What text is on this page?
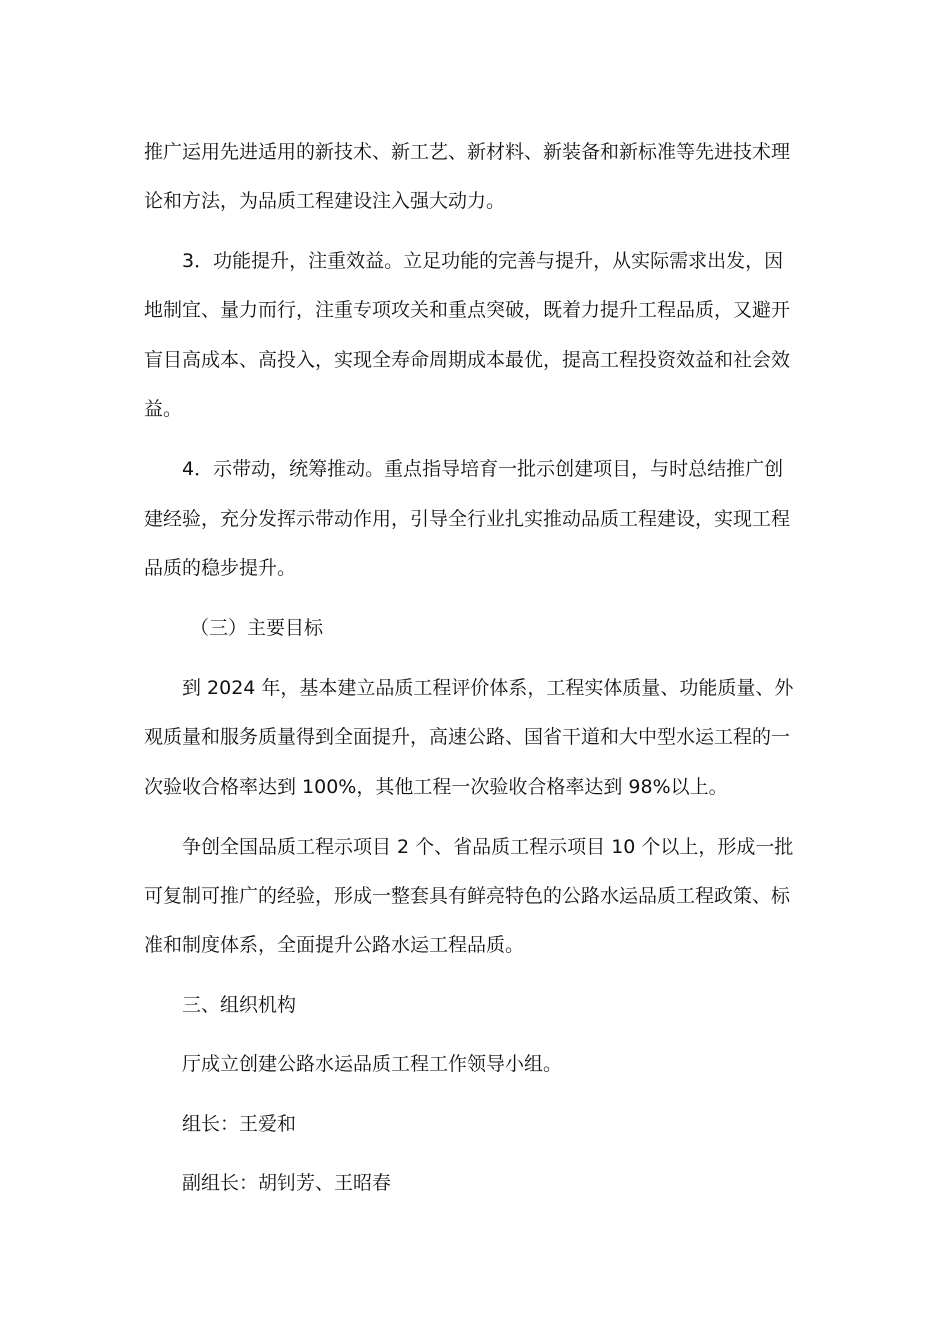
推广运用先进适用的新技术、新工艺、新材料、新装备和新标准等先进技术理
论和方法，为品质工程建设注入强大动力。
3．功能提升，注重效益。立足功能的完善与提升，从实际需求出发，因
地制宜、量力而行，注重专项攻关和重点突破，既着力提升工程品质，又避开
盲目高成本、高投入，实现全寿命周期成本最优，提高工程投资效益和社会效
益。
4．示带动，统筹推动。重点指导培育一批示创建项目，与时总结推广创
建经验，充分发挥示带动作用，引导全行业扎实推动品质工程建设，实现工程
品质的稳步提升。
（三）主要目标
到 2024 年，基本建立品质工程评价体系，工程实体质量、功能质量、外
观质量和服务质量得到全面提升，高速公路、国省干道和大中型水运工程的一
次验收合格率达到 100%，其他工程一次验收合格率达到 98%以上。
争创全国品质工程示项目 2 个、省品质工程示项目 10 个以上，形成一批
可复制可推广的经验，形成一整套具有鲜亮特色的公路水运品质工程政策、标
准和制度体系，全面提升公路水运工程品质。
三、组织机构
厅成立创建公路水运品质工程工作领导小组。
组长：王爱和
副组长：胡钊芳、王昭春
